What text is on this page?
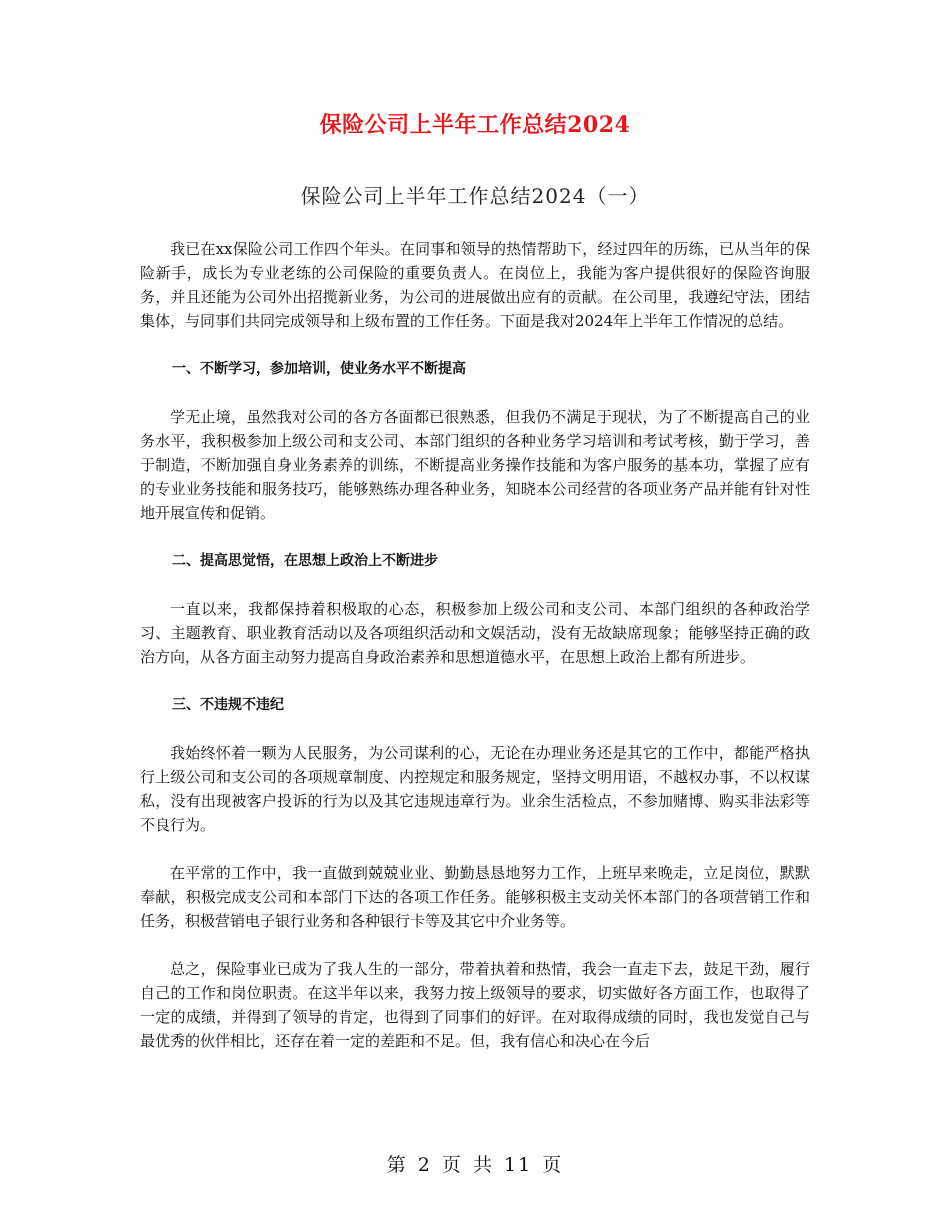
保险公司上半年工作总结2024
保险公司上半年工作总结2024（一）

我已在xx保险公司工作四个年头。在同事和领导的热情帮助下，经过四年的历练，已从当年的保险新手，成长为专业老练的公司保险的重要负责人。在岗位上，我能为客户提供很好的保险咨询服务，并且还能为公司外出招揽新业务，为公司的进展做出应有的贡献。在公司里，我遵纪守法，团结集体，与同事们共同完成领导和上级布置的工作任务。下面是我对2024年上半年工作情况的总结。

一、不断学习，参加培训，使业务水平不断提高

学无止境，虽然我对公司的各方各面都已很熟悉，但我仍不满足于现状，为了不断提高自己的业务水平，我积极参加上级公司和支公司、本部门组织的各种业务学习培训和考试考核，勤于学习，善于制造，不断加强自身业务素养的训练，不断提高业务操作技能和为客户服务的基本功，掌握了应有的专业业务技能和服务技巧，能够熟练办理各种业务，知晓本公司经营的各项业务产品并能有针对性地开展宣传和促销。

二、提高思觉悟，在思想上政治上不断进步

一直以来，我都保持着积极取的心态，积极参加上级公司和支公司、本部门组织的各种政治学习、主题教育、职业教育活动以及各项组织活动和文娱活动，没有无故缺席现象；能够坚持正确的政治方向，从各方面主动努力提高自身政治素养和思想道德水平，在思想上政治上都有所进步。

三、不违规不违纪

我始终怀着一颗为人民服务，为公司谋利的心，无论在办理业务还是其它的工作中，都能严格执行上级公司和支公司的各项规章制度、内控规定和服务规定，坚持文明用语，不越权办事，不以权谋私，没有出现被客户投诉的行为以及其它违规违章行为。业余生活检点，不参加赌博、购买非法彩等不良行为。

在平常的工作中，我一直做到兢兢业业、勤勤恳恳地努力工作，上班早来晚走，立足岗位，默默奉献，积极完成支公司和本部门下达的各项工作任务。能够积极主支动关怀本部门的各项营销工作和任务，积极营销电子银行业务和各种银行卡等及其它中介业务等。

总之，保险事业已成为了我人生的一部分，带着执着和热情，我会一直走下去，鼓足干劲，履行自己的工作和岗位职责。在这半年以来，我努力按上级领导的要求，切实做好各方面工作，也取得了一定的成绩，并得到了领导的肯定，也得到了同事们的好评。在对取得成绩的同时，我也发觉自己与最优秀的伙伴相比，还存在着一定的差距和不足。但，我有信心和决心在今后

第 2 页 共 11 页
